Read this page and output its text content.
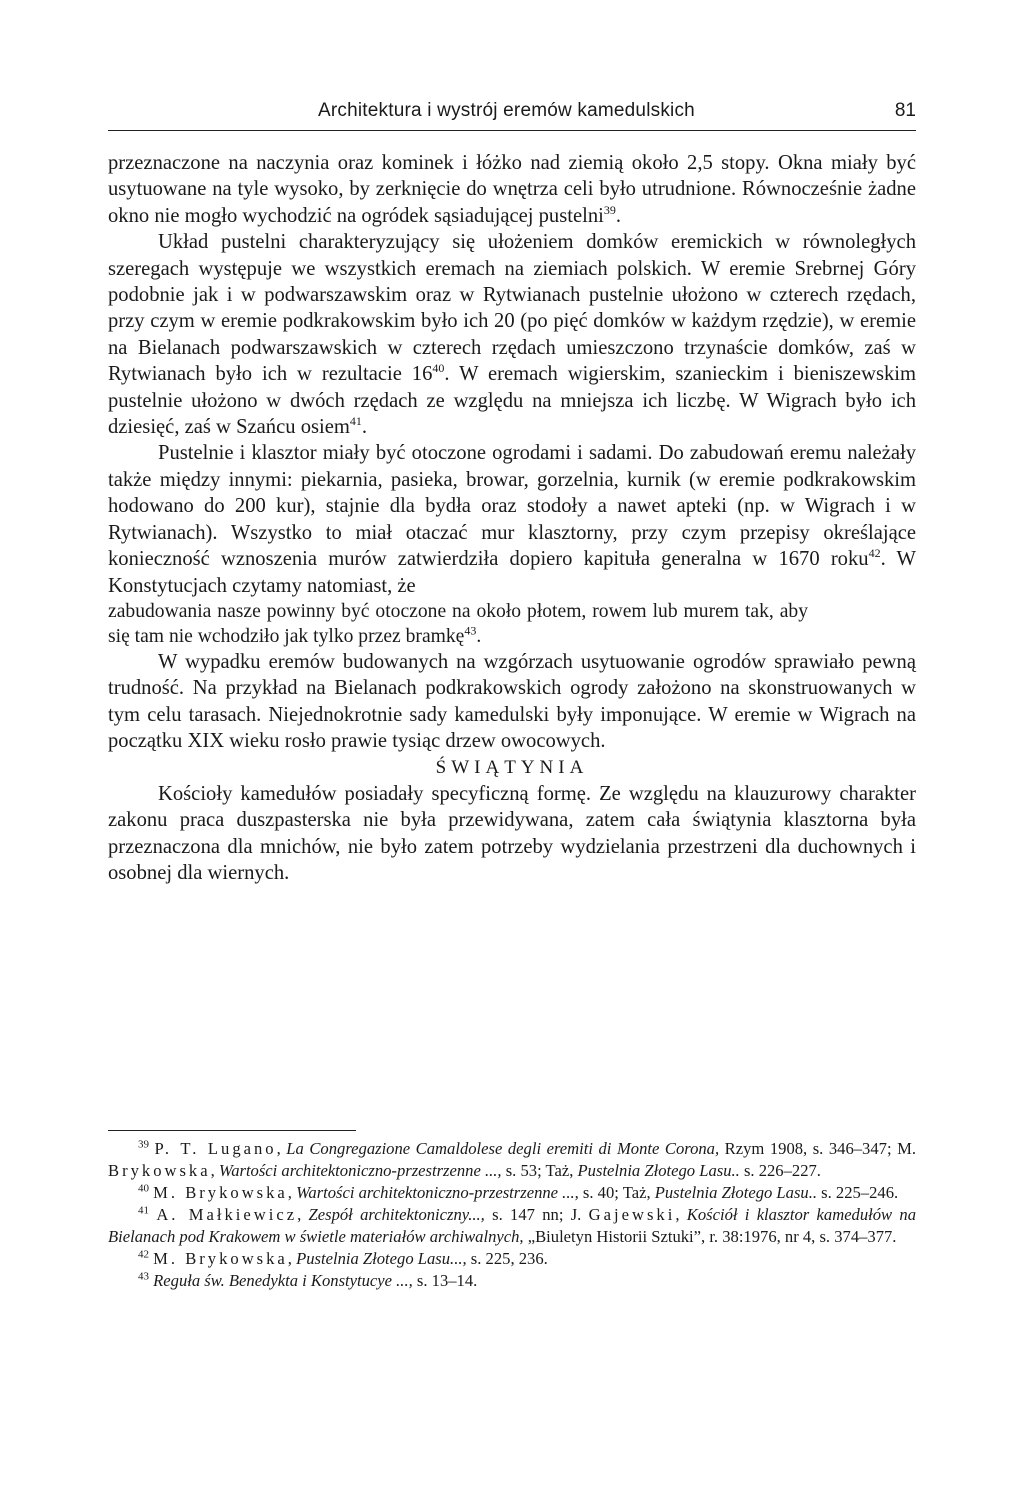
Architektura i wystrój eremów kamedulskich	81

przeznaczone na naczynia oraz kominek i łóżko nad ziemią około 2,5 stopy. Okna miały być usytuowane na tyle wysoko, by zerknięcie do wnętrza celi było utrudnione. Równocześnie żadne okno nie mogło wychodzić na ogródek sąsiadującej pustelni$^{39}$.

Układ pustelni charakteryzujący się ułożeniem domków eremickich w równoległych szeregach występuje we wszystkich eremach na ziemiach polskich. W eremie Srebrnej Góry podobnie jak i w podwarszawskim oraz w Rytwianach pustelnie ułożono w czterech rzędach, przy czym w eremie podkrakowskim było ich 20 (po pięć domków w każdym rzędzie), w eremie na Bielanach podwarszawskich w czterech rzędach umieszczono trzynaście domków, zaś w Rytwianach było ich w rezultacie $16^{40}$. W eremach wigierskim, szanieckim i bieniszewskim pustelnie ułożono w dwóch rzędach ze względu na mniejsza ich liczbę. W Wigrach było ich dziesięć, zaś w Szańcu osiem$^{41}$.

Pustelnie i klasztor miały być otoczone ogrodami i sadami. Do zabudowań eremu należały także między innymi: piekarnia, pasieka, browar, gorzelnia, kurnik (w eremie podkrakowskim hodowano do 200 kur), stajnie dla bydła oraz stodoły a nawet apteki (np. w Wigrach i w Rytwianach). Wszystko to miał otaczać mur klasztorny, przy czym przepisy określające konieczność wznoszenia murów zatwierdziła dopiero kapituła generalna w 1670 roku$^{42}$. W Konstytucjach czytamy natomiast, że

zabudowania nasze powinny być otoczone na około płotem, rowem lub murem tak, aby się tam nie wchodziło jak tylko przez bramkę$^{43}$.

W wypadku eremów budowanych na wzgórzach usytuowanie ogrodów sprawiało pewną trudność. Na przykład na Bielanach podkrakowskich ogrody założono na skonstruowanych w tym celu tarasach. Niejednokrotnie sady kamedulski były imponujące. W eremie w Wigrach na początku XIX wieku rosło prawie tysiąc drzew owocowych.

ŚWIĄTYNIA

Kościoły kamedułów posiadały specyficzną formę. Ze względu na klauzurowy charakter zakonu praca duszpasterska nie była przewidywana, zatem cała świątynia klasztorna była przeznaczona dla mnichów, nie było zatem potrzeby wydzielania przestrzeni dla duchownych i osobnej dla wiernych.

$^{39}$ P. T. Lugano, La Congregazione Camaldolese degli eremiti di Monte Corona, Rzym 1908, s. 346–347; M. Brykowska, Wartości architektoniczno-przestrzenne ..., s. 53; Taż, Pustelnia Złotego Lasu.. s. 226–227.

$^{40}$ M. Brykowska, Wartości architektoniczno-przestrzenne ..., s. 40; Taż, Pustelnia Złotego Lasu.. s. 225–246.

$^{41}$ A. Małkiewicz, Zespół architektoniczny..., s. 147 nn; J. Gajewski, Kościół i klasztor kamedułów na Bielanach pod Krakowem w świetle materiałów archiwalnych, „Biuletyn Historii Sztuki”, r. 38:1976, nr 4, s. 374–377.

$^{42}$ M. Brykowska, Pustelnia Złotego Lasu..., s. 225, 236.

$^{43}$ Reguła św. Benedykta i Konstytucye ..., s. 13–14.
